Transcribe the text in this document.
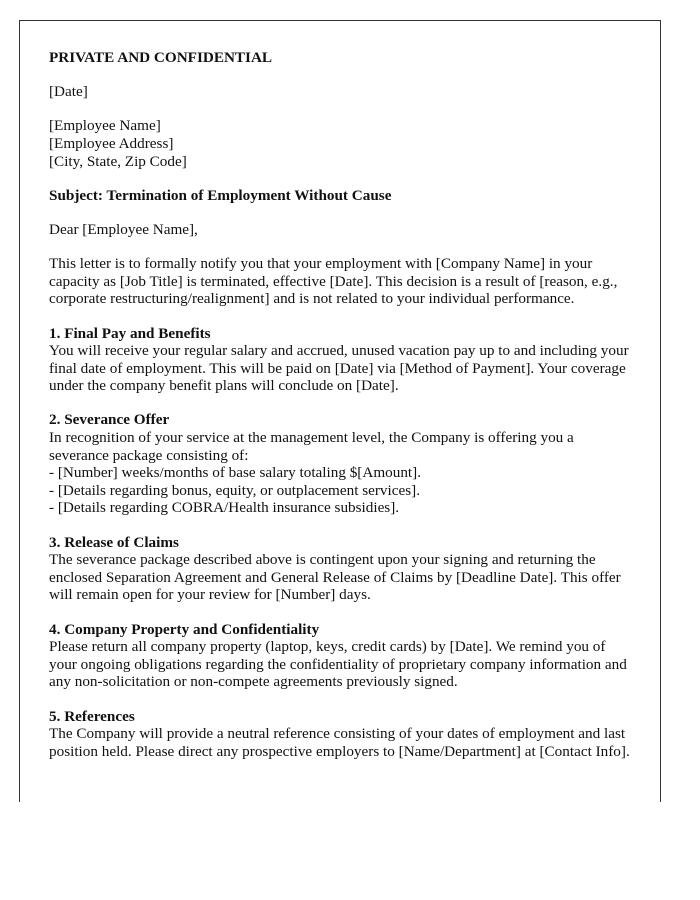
PRIVATE AND CONFIDENTIAL

[Date]

[Employee Name]
[Employee Address]
[City, State, Zip Code]

Subject: Termination of Employment Without Cause

Dear [Employee Name],

This letter is to formally notify you that your employment with [Company Name] in your capacity as [Job Title] is terminated, effective [Date]. This decision is a result of [reason, e.g., corporate restructuring/realignment] and is not related to your individual performance.

1. Final Pay and Benefits
You will receive your regular salary and accrued, unused vacation pay up to and including your final date of employment. This will be paid on [Date] via [Method of Payment]. Your coverage under the company benefit plans will conclude on [Date].
2. Severance Offer
In recognition of your service at the management level, the Company is offering you a severance package consisting of:
- [Number] weeks/months of base salary totaling $[Amount].
- [Details regarding bonus, equity, or outplacement services].
- [Details regarding COBRA/Health insurance subsidies].
3. Release of Claims
The severance package described above is contingent upon your signing and returning the enclosed Separation Agreement and General Release of Claims by [Deadline Date]. This offer will remain open for your review for [Number] days.
4. Company Property and Confidentiality
Please return all company property (laptop, keys, credit cards) by [Date]. We remind you of your ongoing obligations regarding the confidentiality of proprietary company information and any non-solicitation or non-compete agreements previously signed.
5. References
The Company will provide a neutral reference consisting of your dates of employment and last position held. Please direct any prospective employers to [Name/Department] at [Contact Info].
